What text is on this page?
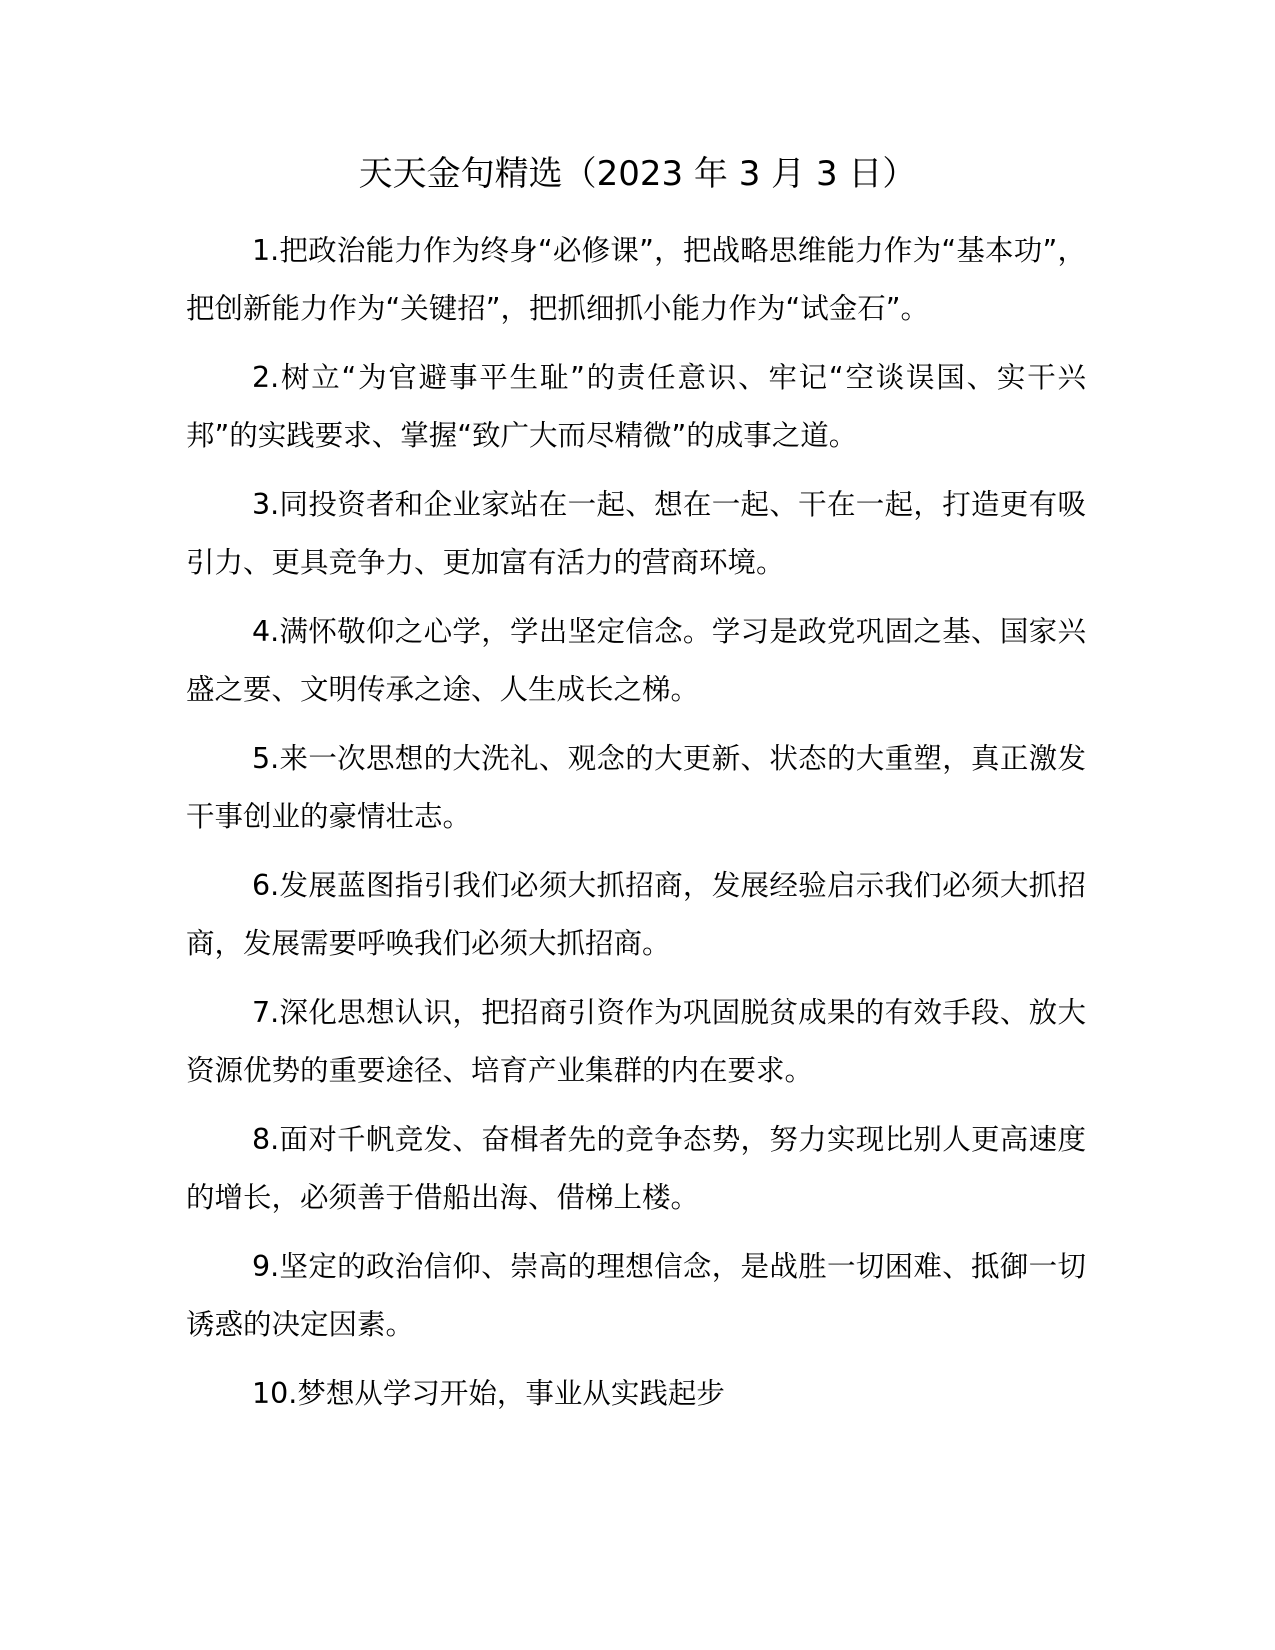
天天金句精选（2023 年 3 月 3 日）

1.把政治能力作为终身“必修课”，把战略思维能力作为“基本功”，把创新能力作为“关键招”，把抓细抓小能力作为“试金石”。

2.树立“为官避事平生耻”的责任意识、牢记“空谈误国、实干兴邦”的实践要求、掌握“致广大而尽精微”的成事之道。

3.同投资者和企业家站在一起、想在一起、干在一起，打造更有吸引力、更具竞争力、更加富有活力的营商环境。

4.满怀敬仰之心学，学出坚定信念。学习是政党巩固之基、国家兴盛之要、文明传承之途、人生成长之梯。

5.来一次思想的大洗礼、观念的大更新、状态的大重塑，真正激发干事创业的豪情壮志。

6.发展蓝图指引我们必须大抓招商，发展经验启示我们必须大抓招商，发展需要呼唤我们必须大抓招商。

7.深化思想认识，把招商引资作为巩固脱贫成果的有效手段、放大资源优势的重要途径、培育产业集群的内在要求。

8.面对千帆竞发、奋楫者先的竞争态势，努力实现比别人更高速度的增长，必须善于借船出海、借梯上楼。

9.坚定的政治信仰、崇高的理想信念，是战胜一切困难、抵御一切诱惑的决定因素。

10.梦想从学习开始，事业从实践起步
